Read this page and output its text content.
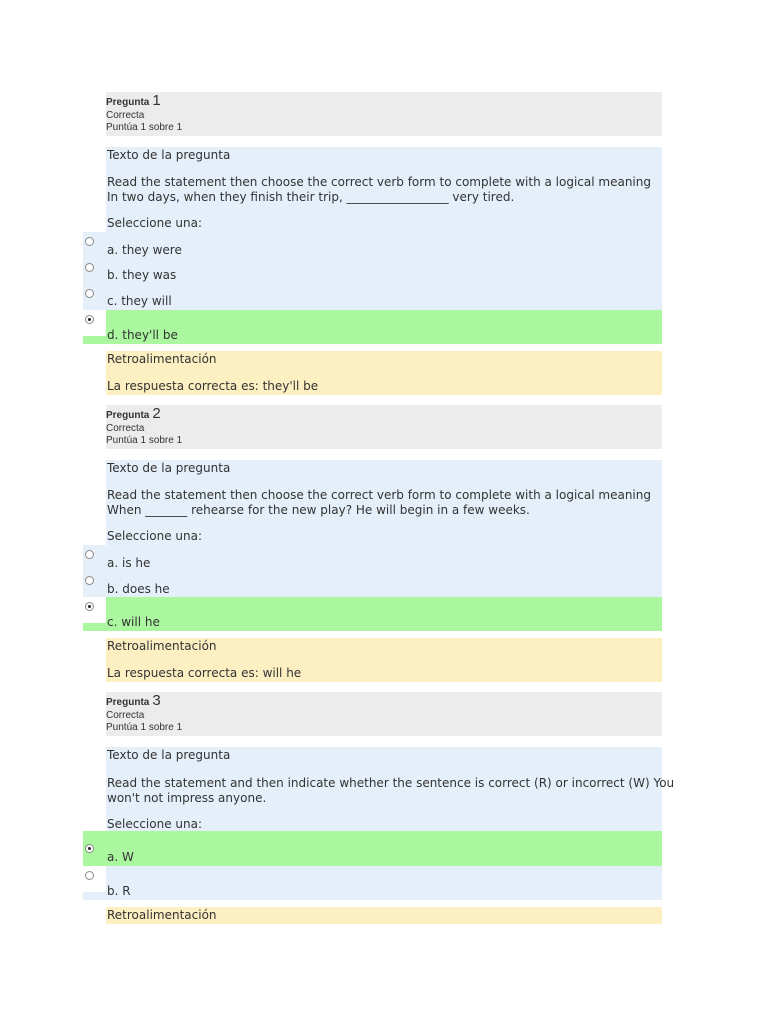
Pregunta 1
Correcta
Puntúa 1 sobre 1
Texto de la pregunta
Read the statement then choose the correct verb form to complete with a logical meaning
In two days, when they finish their trip, _________________ very tired.
Seleccione una:
a. they were
b. they was
c. they will
d. they'll be
Retroalimentación
La respuesta correcta es: they'll be
Pregunta 2
Correcta
Puntúa 1 sobre 1
Texto de la pregunta
Read the statement then choose the correct verb form to complete with a logical meaning
When _______ rehearse for the new play? He will begin in a few weeks.
Seleccione una:
a. is he
b. does he
c. will he
Retroalimentación
La respuesta correcta es: will he
Pregunta 3
Correcta
Puntúa 1 sobre 1
Texto de la pregunta
Read the statement and then indicate whether the sentence is correct (R) or incorrect (W) You
won't not impress anyone.
Seleccione una:
a. W
b. R
Retroalimentación
